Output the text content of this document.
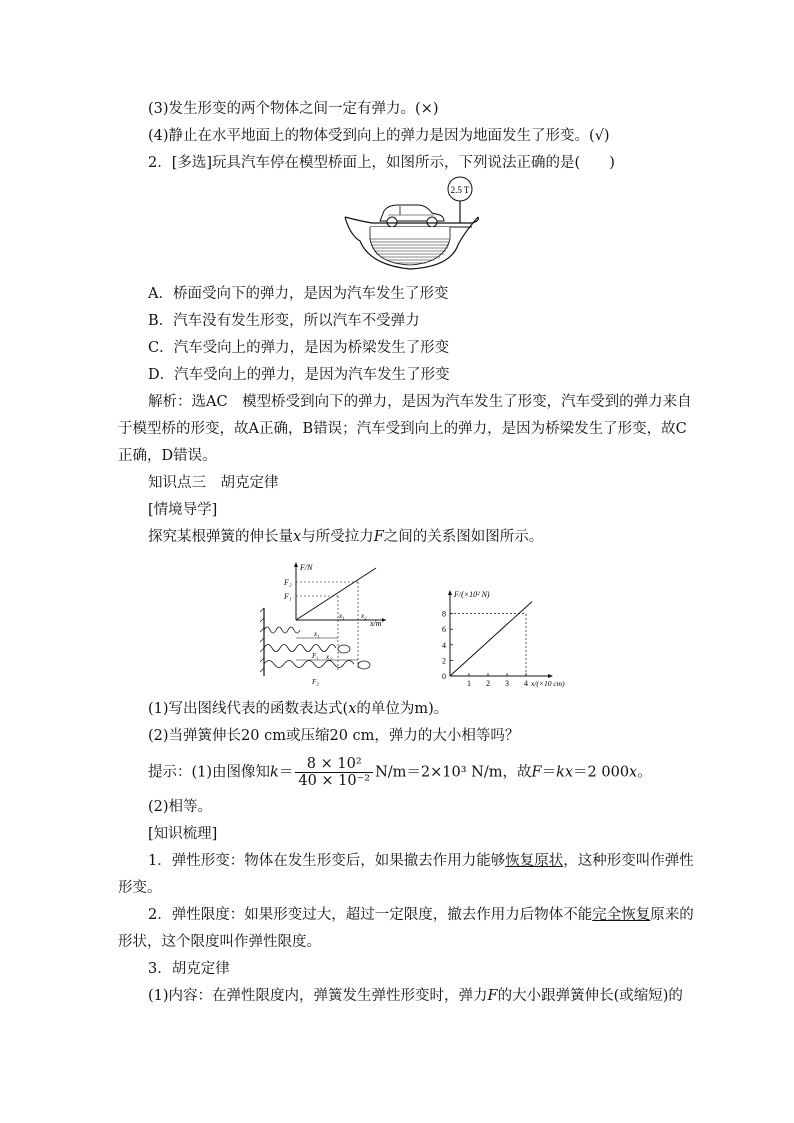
(3)发生形变的两个物体之间一定有弹力。(×)
(4)静止在水平地面上的物体受到向上的弹力是因为地面发生了形变。(√)
2．[多选]玩具汽车停在模型桥面上，如图所示，下列说法正确的是(　　)
2.5 T
A．桥面受向下的弹力，是因为汽车发生了形变
B．汽车没有发生形变，所以汽车不受弹力
C．汽车受向上的弹力，是因为桥梁发生了形变
D．汽车受向上的弹力，是因为汽车发生了形变
解析：选AC　模型桥受到向下的弹力，是因为汽车发生了形变，汽车受到的弹力来自
于模型桥的形变，故A正确，B错误；汽车受到向上的弹力，是因为桥梁发生了形变，故C
正确，D错误。
知识点三　胡克定律
[情境导学]
探究某根弹簧的伸长量x与所受拉力F之间的关系图如图所示。
F/N
F₂
F₁
x₁ x₂
x/m
x₁
F₁ x₂
F₂
F/(×10² N)
x/(×10 cm)
0
2
4
6
8
1 2 3 4
(1)写出图线代表的函数表达式(x的单位为m)。
(2)当弹簧伸长20 cm或压缩20 cm，弹力的大小相等吗？
提示：(1)由图像知$k= \frac{\text{8 × 10²}}{\text{40 × 10⁻²}} N/m=2\times 10^3$ N/m，故F＝kx＝2 000x。
(2)相等。
[知识梳理]
1．弹性形变：物体在发生形变后，如果撤去作用力能够恢复原状，这种形变叫作弹性
形变。
2．弹性限度：如果形变过大，超过一定限度，撤去作用力后物体不能完全恢复原来的
形状，这个限度叫作弹性限度。
3．胡克定律
(1)内容：在弹性限度内，弹簧发生弹性形变时，弹力F的大小跟弹簧伸长(或缩短)的
